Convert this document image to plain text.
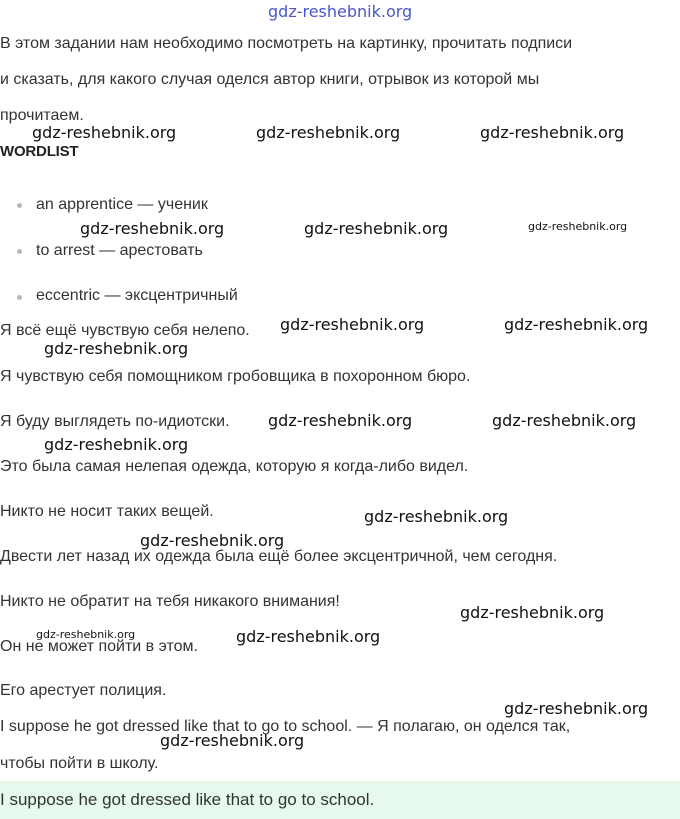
gdz-reshebnik.org
В этом задании нам необходимо посмотреть на картинку, прочитать подписи
и сказать, для какого случая оделся автор книги, отрывок из которой мы
прочитаем.
WORDLIST
an apprentice — ученик
to arrest — арестовать
eccentric — эксцентричный
Я всё ещё чувствую себя нелепо.
Я чувствую себя помощником гробовщика в похоронном бюро.
Я буду выглядеть по-идиотски.
Это была самая нелепая одежда, которую я когда-либо видел.
Никто не носит таких вещей.
Двести лет назад их одежда была ещё более эксцентричной, чем сегодня.
Никто не обратит на тебя никакого внимания!
Он не может пойти в этом.
Его арестует полиция.
I suppose he got dressed like that to go to school. — Я полагаю, он оделся так,
чтобы пойти в школу.
I suppose he got dressed like that to go to school.
gdz-reshebnik.org	gdz-reshebnik.org	gdz-reshebnik.org
gdz-reshebnik.org	gdz-reshebnik.org	gdz-reshebnik.org
gdz-reshebnik.org	gdz-reshebnik.org
gdz-reshebnik.org
gdz-reshebnik.org	gdz-reshebnik.org
gdz-reshebnik.org
gdz-reshebnik.org
gdz-reshebnik.org
gdz-reshebnik.org
gdz-reshebnik.org	gdz-reshebnik.org
gdz-reshebnik.org
gdz-reshebnik.org
